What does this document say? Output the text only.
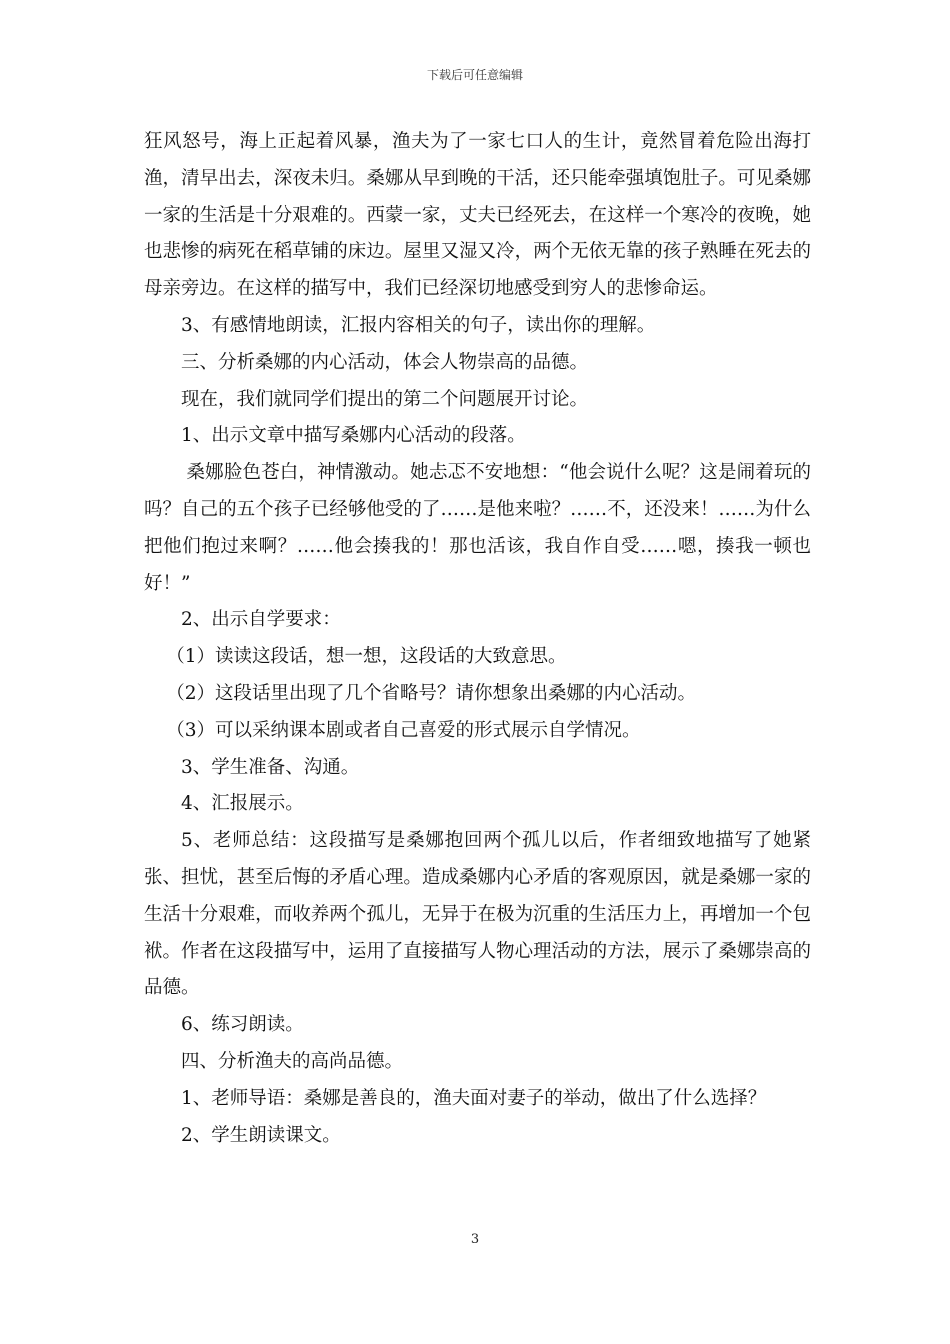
下载后可任意编辑

狂风怒号，海上正起着风暴，渔夫为了一家七口人的生计，竟然冒着危险出海打渔，清早出去，深夜未归。桑娜从早到晚的干活，还只能牵强填饱肚子。可见桑娜一家的生活是十分艰难的。西蒙一家，丈夫已经死去，在这样一个寒冷的夜晚，她也悲惨的病死在稻草铺的床边。屋里又湿又冷，两个无依无靠的孩子熟睡在死去的母亲旁边。在这样的描写中，我们已经深切地感受到穷人的悲惨命运。

3、有感情地朗读，汇报内容相关的句子，读出你的理解。

三、分析桑娜的内心活动，体会人物崇高的品德。

现在，我们就同学们提出的第二个问题展开讨论。

1、出示文章中描写桑娜内心活动的段落。

桑娜脸色苍白，神情激动。她忐忑不安地想：“他会说什么呢？这是闹着玩的吗？自己的五个孩子已经够他受的了……是他来啦？……不，还没来！……为什么把他们抱过来啊？……他会揍我的！那也活该，我自作自受……嗯，揍我一顿也好！”

2、出示自学要求：

（1）读读这段话，想一想，这段话的大致意思。

（2）这段话里出现了几个省略号？请你想象出桑娜的内心活动。

（3）可以采纳课本剧或者自己喜爱的形式展示自学情况。

3、学生准备、沟通。

4、汇报展示。

5、老师总结：这段描写是桑娜抱回两个孤儿以后，作者细致地描写了她紧张、担忧，甚至后悔的矛盾心理。造成桑娜内心矛盾的客观原因，就是桑娜一家的生活十分艰难，而收养两个孤儿，无异于在极为沉重的生活压力上，再增加一个包袱。作者在这段描写中，运用了直接描写人物心理活动的方法，展示了桑娜崇高的品德。

6、练习朗读。

四、分析渔夫的高尚品德。

1、老师导语：桑娜是善良的，渔夫面对妻子的举动，做出了什么选择？

2、学生朗读课文。

3
